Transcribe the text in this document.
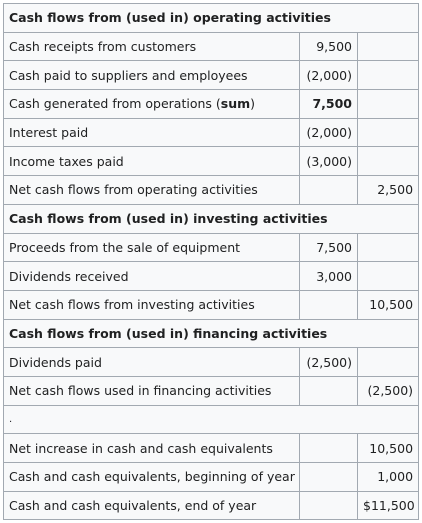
Cash flows from (used in) operating activities		
Cash receipts from customers	9,500	
Cash paid to suppliers and employees	(2,000)	
Cash generated from operations (sum)	7,500	
Interest paid	(2,000)	
Income taxes paid	(3,000)	
Net cash flows from operating activities		2,500
Cash flows from (used in) investing activities		
Proceeds from the sale of equipment	7,500	
Dividends received	3,000	
Net cash flows from investing activities		10,500
Cash flows from (used in) financing activities		
Dividends paid	(2,500)	
Net cash flows used in financing activities		(2,500)
.		
Net increase in cash and cash equivalents		10,500
Cash and cash equivalents, beginning of year		1,000
Cash and cash equivalents, end of year		$11,500
